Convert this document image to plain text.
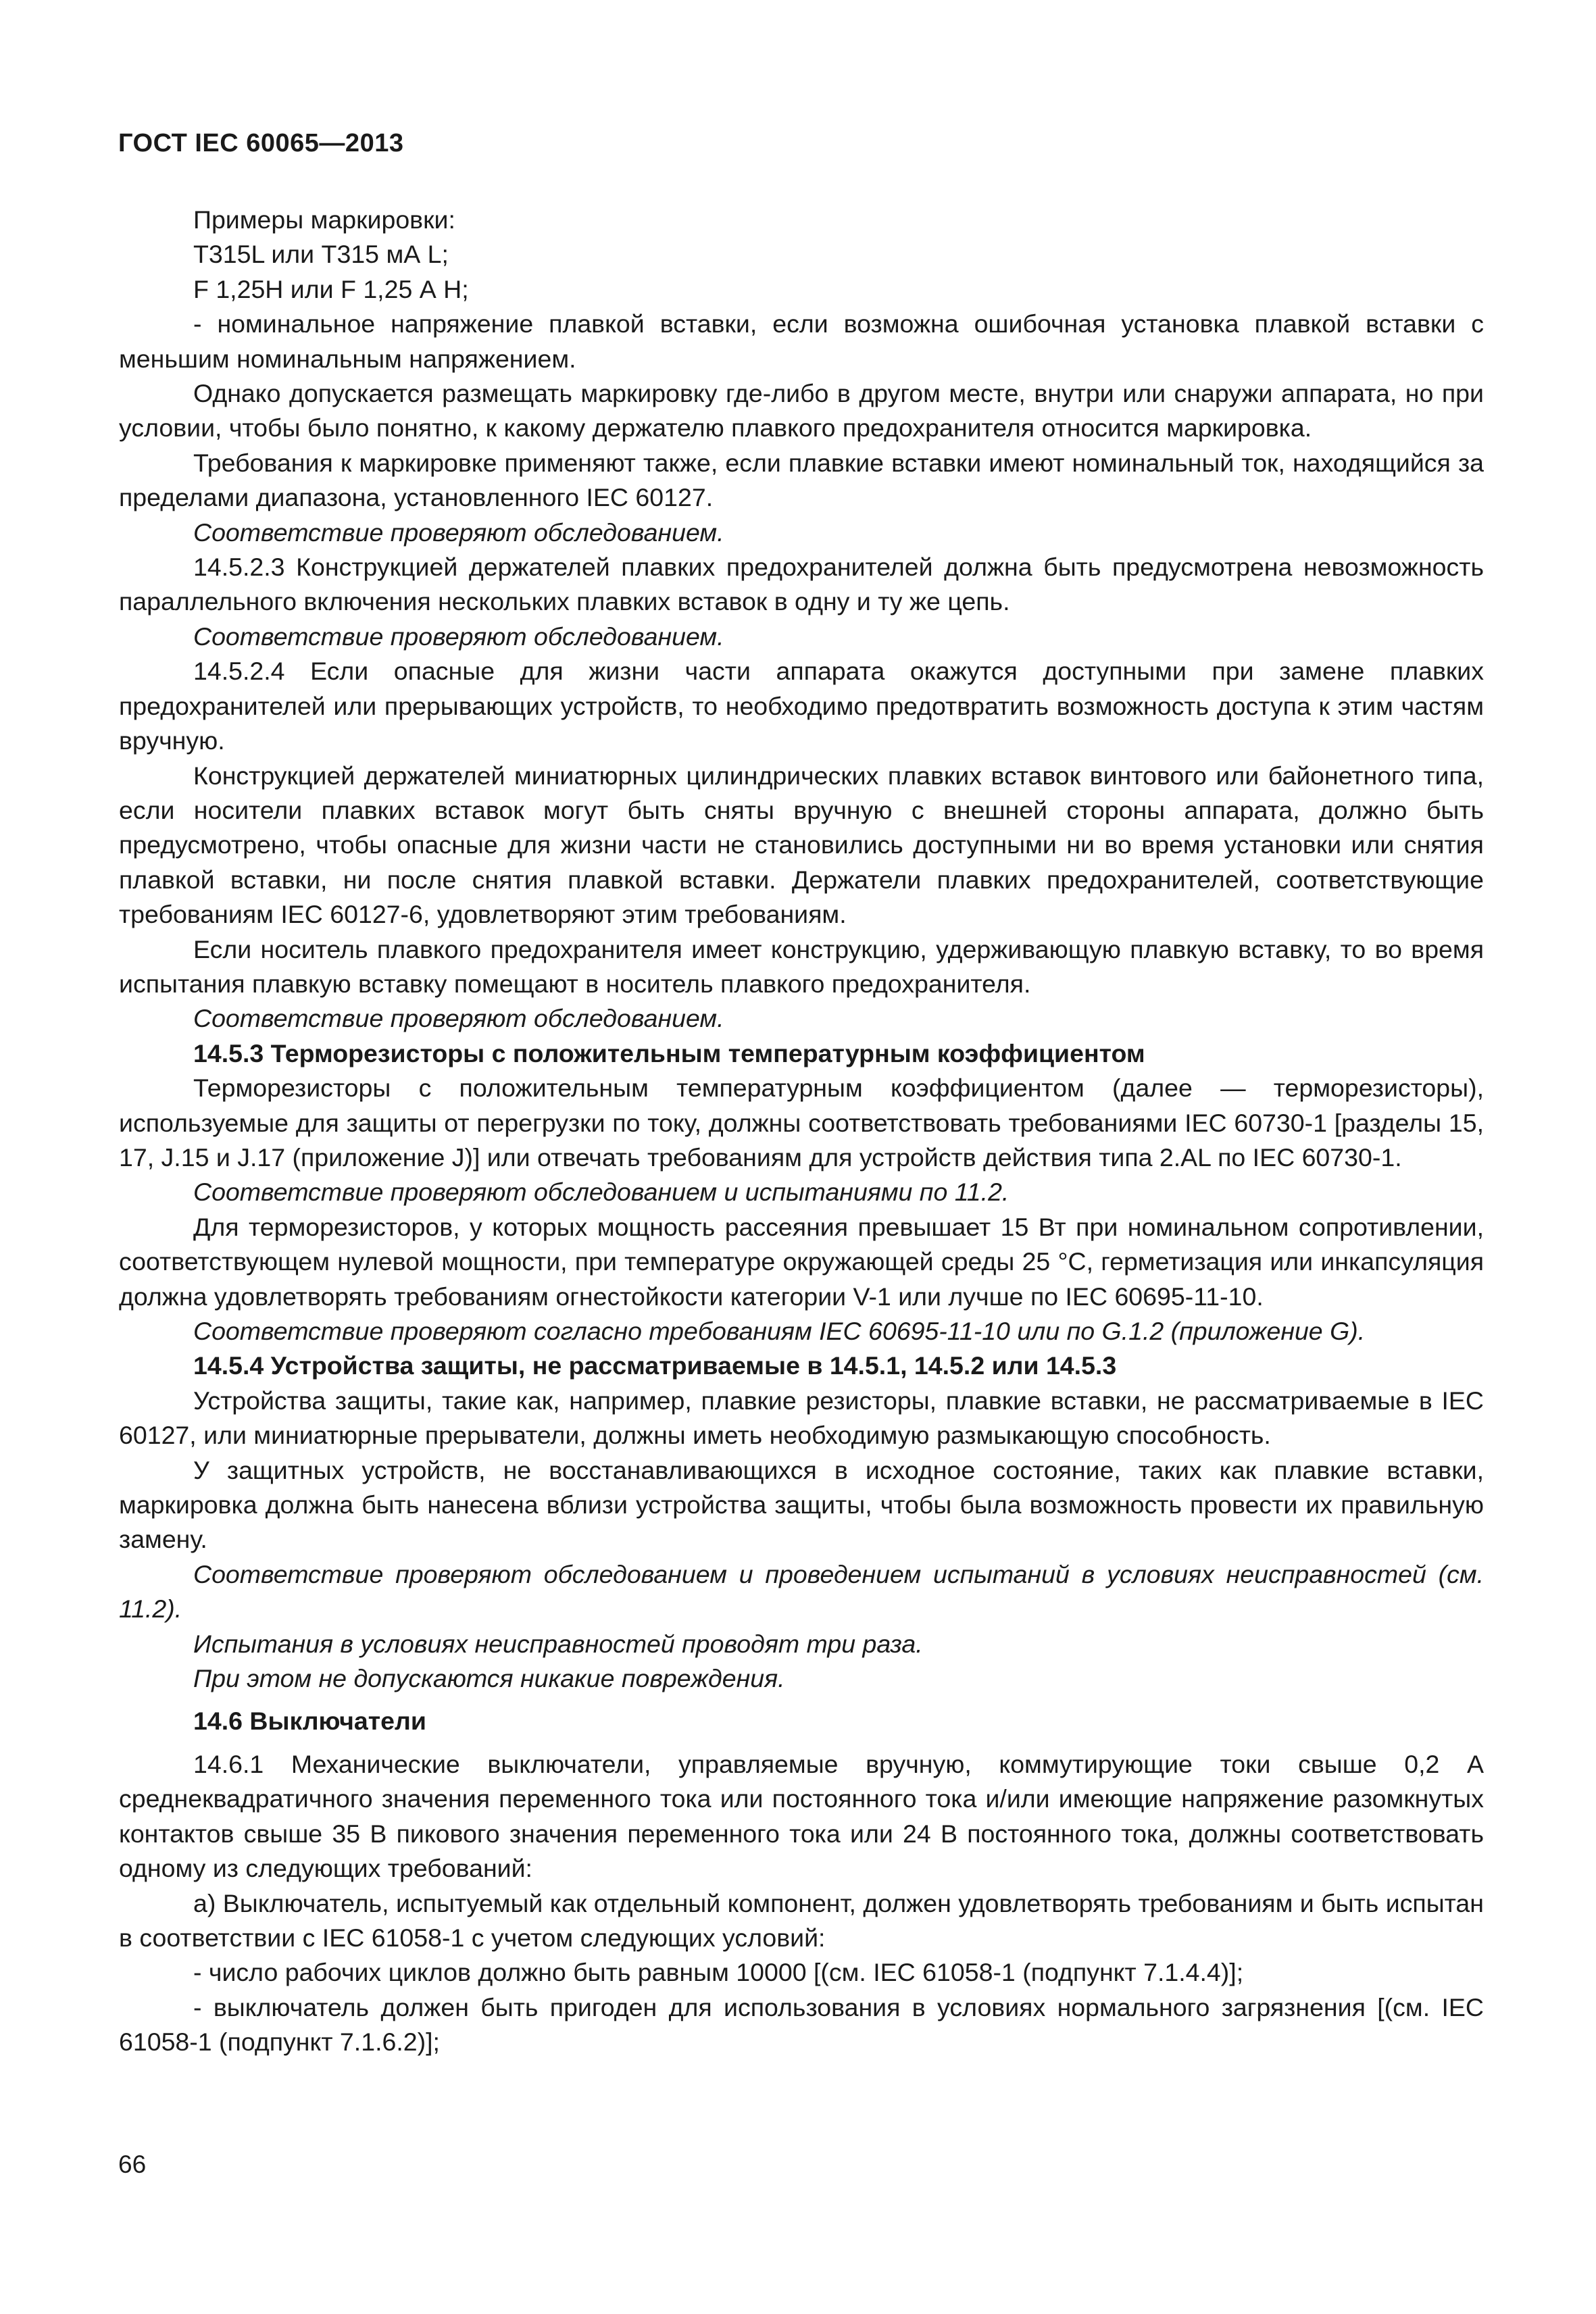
ГОСТ IEC 60065—2013

Примеры маркировки:

T315L или T315 мА L;

F 1,25H или F 1,25 А H;

- номинальное напряжение плавкой вставки, если возможна ошибочная установка плавкой вставки с меньшим номинальным напряжением.

Однако допускается размещать маркировку где-либо в другом месте, внутри или снаружи аппарата, но при условии, чтобы было понятно, к какому держателю плавкого предохранителя относится маркировка.

Требования к маркировке применяют также, если плавкие вставки имеют номинальный ток, находящийся за пределами диапазона, установленного IEC 60127.

Соответствие проверяют обследованием.

14.5.2.3 Конструкцией держателей плавких предохранителей должна быть предусмотрена невозможность параллельного включения нескольких плавких вставок в одну и ту же цепь.

Соответствие проверяют обследованием.

14.5.2.4 Если опасные для жизни части аппарата окажутся доступными при замене плавких предохранителей или прерывающих устройств, то необходимо предотвратить возможность доступа к этим частям вручную.

Конструкцией держателей миниатюрных цилиндрических плавких вставок винтового или байонетного типа, если носители плавких вставок могут быть сняты вручную с внешней стороны аппарата, должно быть предусмотрено, чтобы опасные для жизни части не становились доступными ни во время установки или снятия плавкой вставки, ни после снятия плавкой вставки. Держатели плавких предохранителей, соответствующие требованиям IEC 60127-6, удовлетворяют этим требованиям.

Если носитель плавкого предохранителя имеет конструкцию, удерживающую плавкую вставку, то во время испытания плавкую вставку помещают в носитель плавкого предохранителя.

Соответствие проверяют обследованием.

14.5.3 Терморезисторы с положительным температурным коэффициентом

Терморезисторы с положительным температурным коэффициентом (далее — терморезисторы), используемые для защиты от перегрузки по току, должны соответствовать требованиями IEC 60730-1 [разделы 15, 17, J.15 и J.17 (приложение J)] или отвечать требованиям для устройств действия типа 2.AL по IEC 60730-1.

Соответствие проверяют обследованием и испытаниями по 11.2.

Для терморезисторов, у которых мощность рассеяния превышает 15 Вт при номинальном сопротивлении, соответствующем нулевой мощности, при температуре окружающей среды 25 °С, герметизация или инкапсуляция должна удовлетворять требованиям огнестойкости категории V-1 или лучше по IEC 60695-11-10.

Соответствие проверяют согласно требованиям IEC 60695-11-10 или по G.1.2 (приложение G).

14.5.4 Устройства защиты, не рассматриваемые в 14.5.1, 14.5.2 или 14.5.3

Устройства защиты, такие как, например, плавкие резисторы, плавкие вставки, не рассматриваемые в IEC 60127, или миниатюрные прерыватели, должны иметь необходимую размыкающую способность.

У защитных устройств, не восстанавливающихся в исходное состояние, таких как плавкие вставки, маркировка должна быть нанесена вблизи устройства защиты, чтобы была возможность провести их правильную замену.

Соответствие проверяют обследованием и проведением испытаний в условиях неисправностей (см. 11.2).

Испытания в условиях неисправностей проводят три раза.

При этом не допускаются никакие повреждения.

14.6 Выключатели

14.6.1 Механические выключатели, управляемые вручную, коммутирующие токи свыше 0,2 А среднеквадратичного значения переменного тока или постоянного тока и/или имеющие напряжение разомкнутых контактов свыше 35 В пикового значения переменного тока или 24 В постоянного тока, должны соответствовать одному из следующих требований:

а) Выключатель, испытуемый как отдельный компонент, должен удовлетворять требованиям и быть испытан в соответствии с IEC 61058-1 с учетом следующих условий:

- число рабочих циклов должно быть равным 10000 [(см. IEC 61058-1 (подпункт 7.1.4.4)];

- выключатель должен быть пригоден для использования в условиях нормального загрязнения [(см. IEC 61058-1 (подпункт 7.1.6.2)];

66
